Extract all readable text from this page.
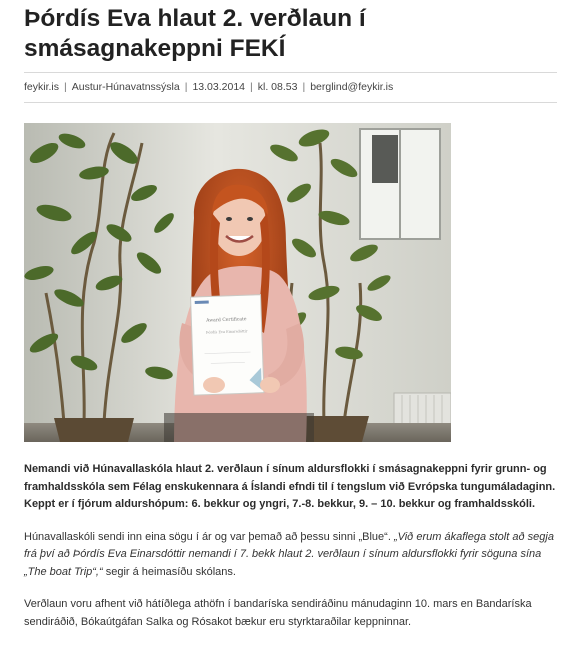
Þórdís Eva hlaut 2. verðlaun í smásagnakeppni FEKÍ
feykir.is | Austur-Húnavatnssýsla | 13.03.2014 | kl. 08.53 | berglind@feykir.is
Award Certificate
Þórdís Eva Einarsdóttir

Nemandi við Húnavallaskóla hlaut 2. verðlaun í sínum aldursflokki í smásagnakeppni fyrir grunn- og framhaldsskóla sem Félag enskukennara á Íslandi efndi til í tengslum við Evrópska tungumáladaginn. Keppt er í fjórum aldurshópum: 6. bekkur og yngri, 7.-8. bekkur, 9. – 10. bekkur og framhaldsskóli.

Húnavallaskóli sendi inn eina sögu í ár og var þemað að þessu sinni „Blue“. „Við erum ákaflega stolt að segja frá því að Þórdís Eva Einarsdóttir nemandi í 7. bekk hlaut 2. verðlaun í sínum aldursflokki fyrir söguna sína „The boat Trip“,“ segir á heimasíðu skólans.

Verðlaun voru afhent við hátíðlega athöfn í bandaríska sendiráðinu mánudaginn 10. mars en Bandaríska sendiráðið, Bókaútgáfan Salka og Rósakot bækur eru styrktaraðilar keppninnar.
